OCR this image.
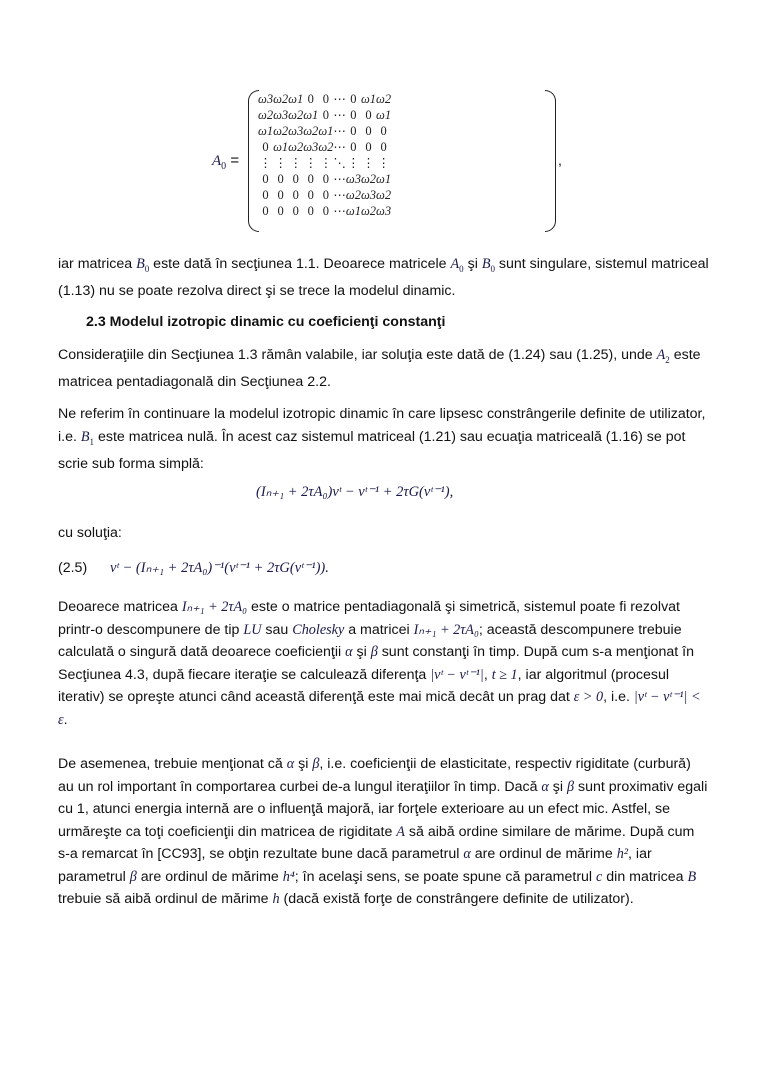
$A_0$ =
ω3	ω2	ω1	0	0	⋯	0	ω1	ω2
ω2	ω3	ω2	ω1	0	⋯	0	0	ω1
ω1	ω2	ω3	ω2	ω1	⋯	0	0	0
0	ω1	ω2	ω3	ω2	⋯	0	0	0
⋮	⋮	⋮	⋮	⋮	⋱	⋮	⋮	⋮
0	0	0	0	0	⋯	ω3	ω2	ω1
0	0	0	0	0	⋯	ω2	ω3	ω2
0	0	0	0	0	⋯	ω1	ω2	ω3
,
iar matricea $B_0$ este dată în secţiunea 1.1. Deoarece matricele $A_0$ şi $B_0$ sunt singulare, sistemul matriceal (1.13) nu se poate rezolva direct şi se trece la modelul dinamic.
2.3 Modelul izotropic dinamic cu coeficienţi constanţi
Consideraţiile din Secţiunea 1.3 rămân valabile, iar soluţia este dată de (1.24) sau (1.25), unde $A_2$ este matricea pentadiagonală din Secţiunea 2.2.
Ne referim în continuare la modelul izotropic dinamic în care lipsesc constrângerile definite de utilizator, i.e. $B_1$ este matricea nulă. În acest caz sistemul matriceal (1.21) sau ecuaţia matriceală (1.16) se pot scrie sub forma simplă:
(Iₙ₊₁ + 2τA₀)vᵗ − vᵗ⁻¹ + 2τG(vᵗ⁻¹),
cu soluţia:
(2.5) vᵗ − (Iₙ₊₁ + 2τA₀)⁻¹(vᵗ⁻¹ + 2τG(vᵗ⁻¹)).
Deoarece matricea Iₙ₊₁ + 2τA₀ este o matrice pentadiagonală şi simetrică, sistemul poate fi rezolvat printr-o descompunere de tip LU sau Cholesky a matricei Iₙ₊₁ + 2τA₀; această descompunere trebuie calculată o singură dată deoarece coeficienţii α şi β sunt constanţi în timp. După cum s-a menţionat în Secţiunea 4.3, după fiecare iteraţie se calculează diferenţa |vᵗ − vᵗ⁻¹|, t ≥ 1, iar algoritmul (procesul iterativ) se opreşte atunci când această diferenţă este mai mică decât un prag dat ε > 0, i.e. |vᵗ − vᵗ⁻¹| < ε.
De asemenea, trebuie menţionat că α şi β, i.e. coeficienţii de elasticitate, respectiv rigiditate (curbură) au un rol important în comportarea curbei de-a lungul iteraţiilor în timp. Dacă α şi β sunt proximativ egali cu 1, atunci energia internă are o influenţă majoră, iar forţele exterioare au un efect mic. Astfel, se urmăreşte ca toţi coeficienţii din matricea de rigiditate A să aibă ordine similare de mărime. După cum s-a remarcat în [CC93], se obţin rezultate bune dacă parametrul α are ordinul de mărime h², iar parametrul β are ordinul de mărime h⁴; în acelaşi sens, se poate spune că parametrul c din matricea B trebuie să aibă ordinul de mărime h (dacă există forţe de constrângere definite de utilizator).
